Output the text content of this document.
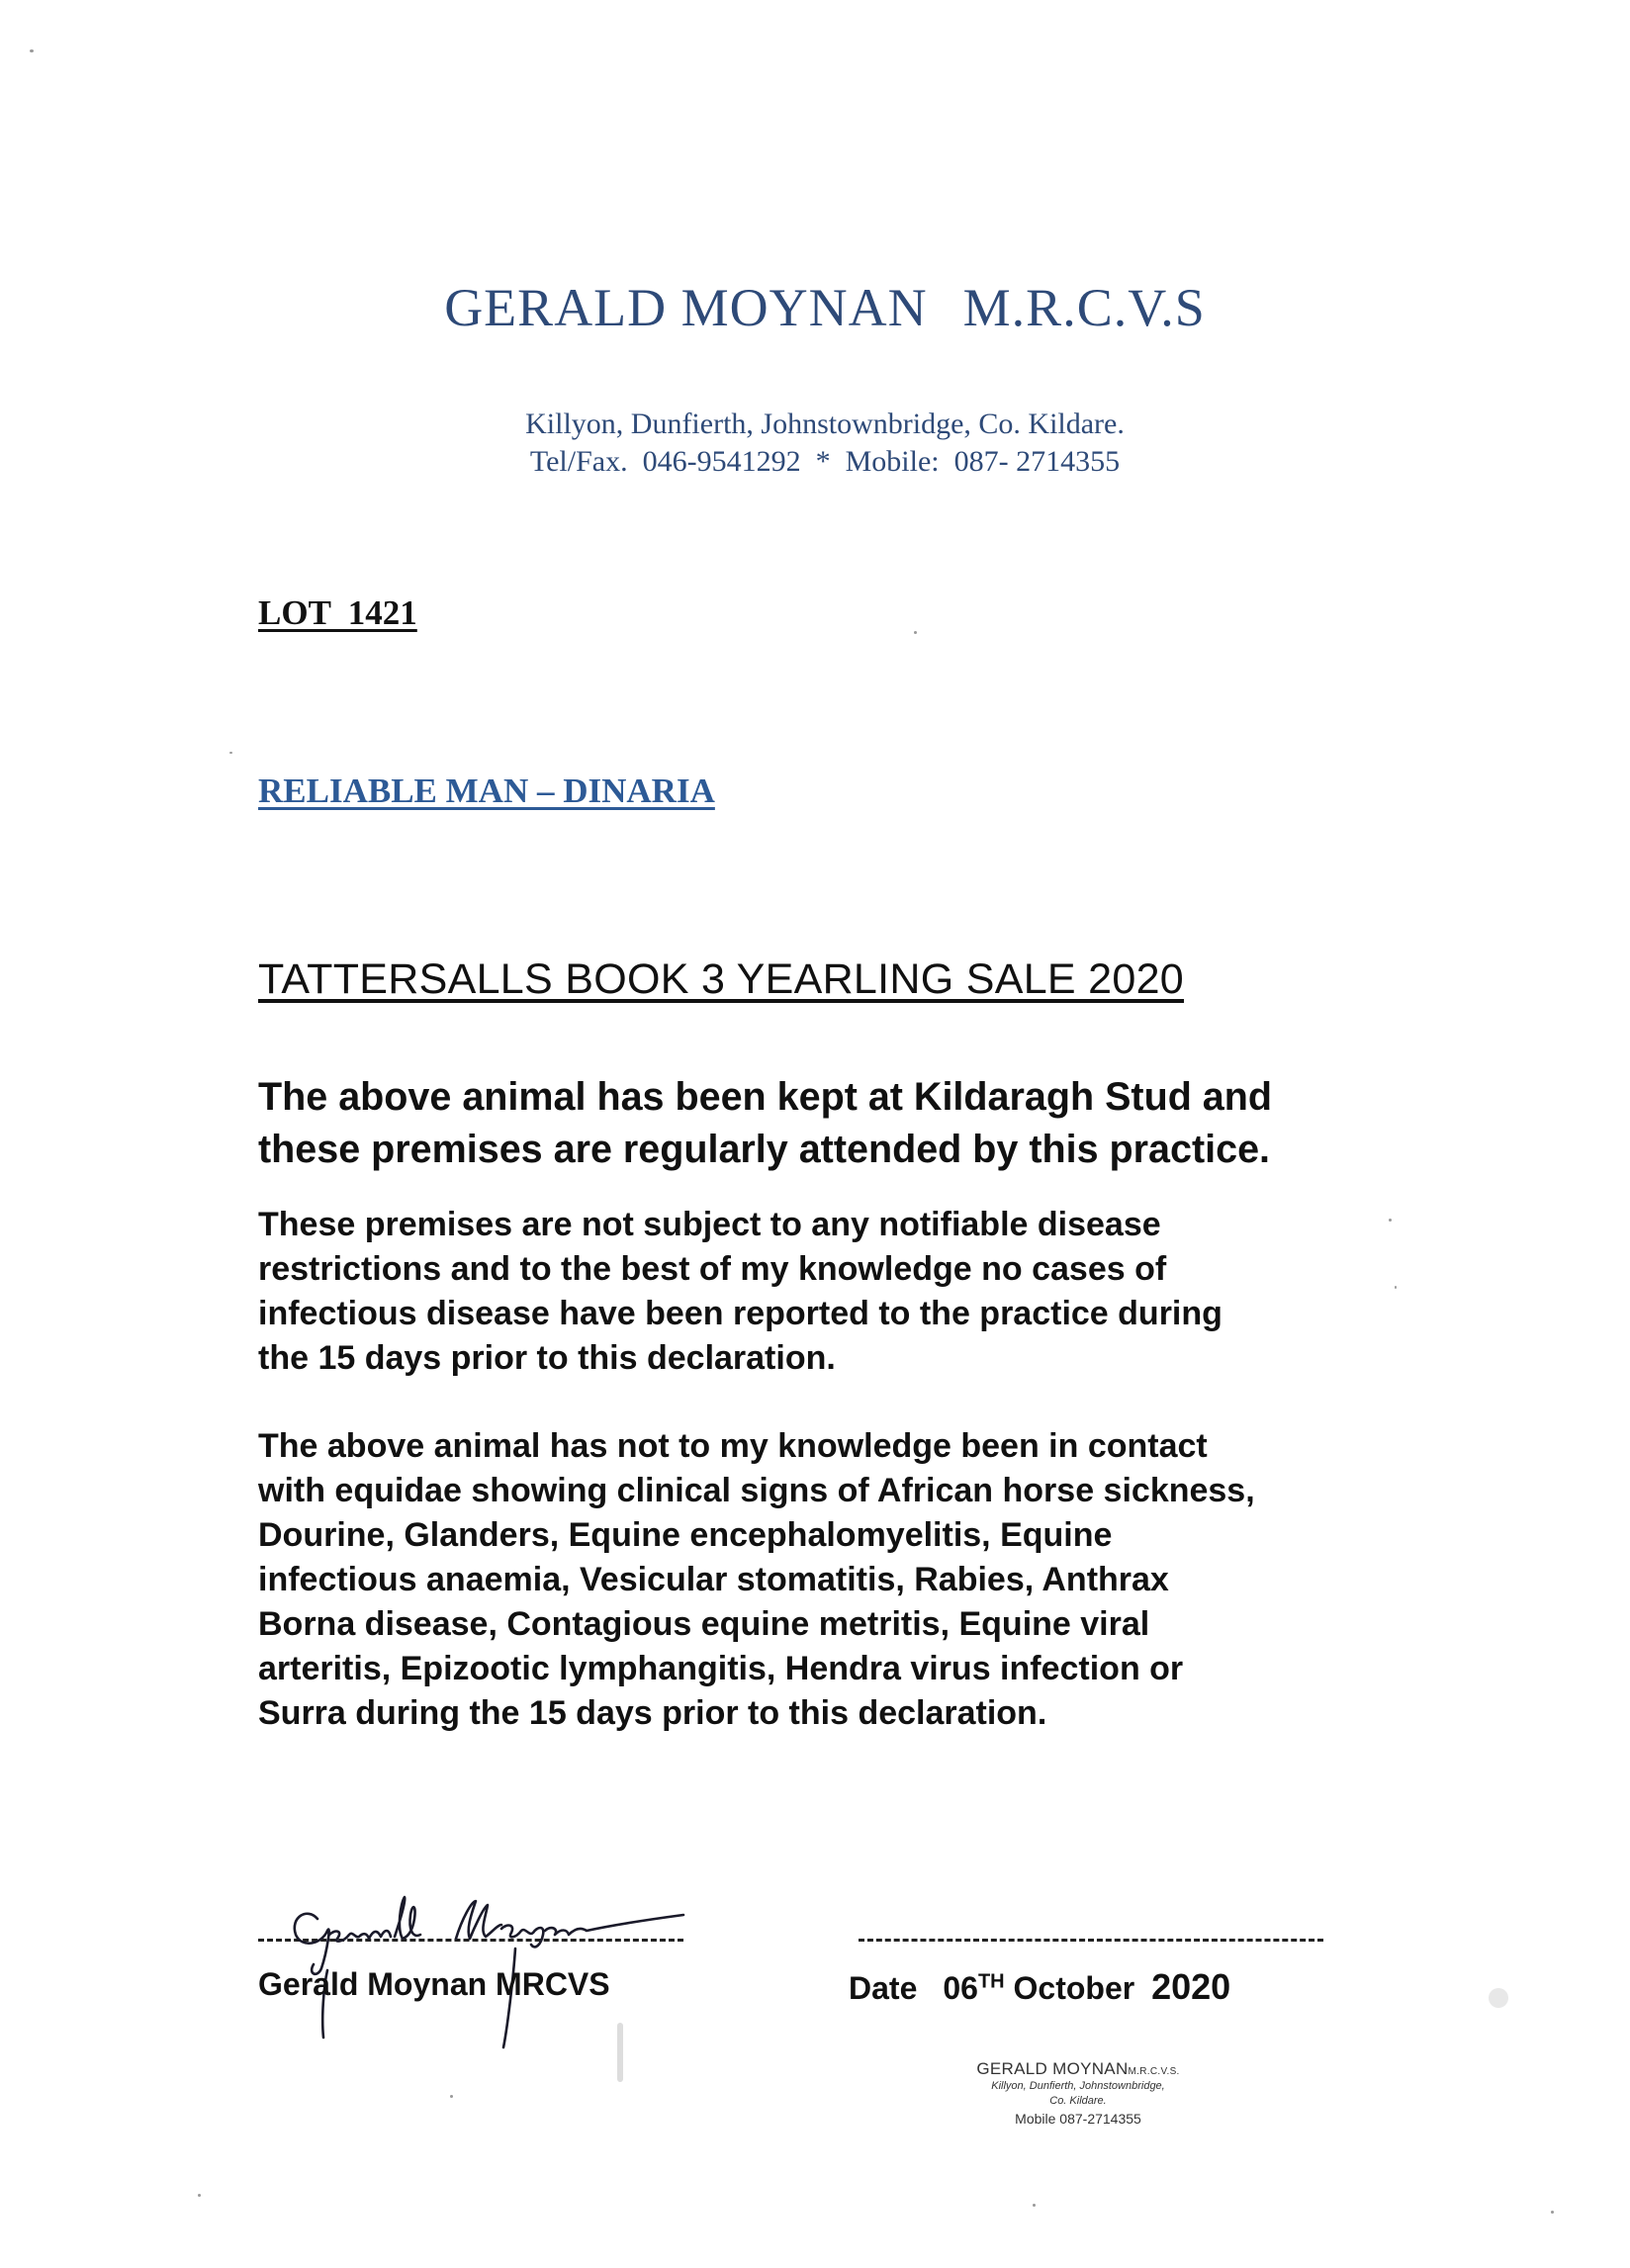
GERALD MOYNAN M.R.C.V.S
Killyon, Dunfierth, Johnstownbridge, Co. Kildare.
Tel/Fax.  046-9541292  *  Mobile:  087- 2714355
LOT  1421
RELIABLE MAN – DINARIA
TATTERSALLS BOOK 3 YEARLING SALE 2020
The above animal has been kept at Kildaragh Stud and
these premises are regularly attended by this practice.
These premises are not subject to any notifiable disease
restrictions and to the best of my knowledge no cases of
infectious disease have been reported to the practice during
the 15 days prior to this declaration.
The above animal has not to my knowledge been in contact
with equidae showing clinical signs of African horse sickness,
Dourine, Glanders, Equine encephalomyelitis, Equine
infectious anaemia, Vesicular stomatitis, Rabies, Anthrax
Borna disease, Contagious equine metritis, Equine viral
arteritis, Epizootic lymphangitis, Hendra virus infection or
Surra during the 15 days prior to this declaration.
Gerald Moynan MRCVS	Date 06TH October 2020
GERALD MOYNANM.R.C.V.S.
Killyon, Dunfierth, Johnstownbridge,
Co. Kildare.
Mobile 087-2714355
